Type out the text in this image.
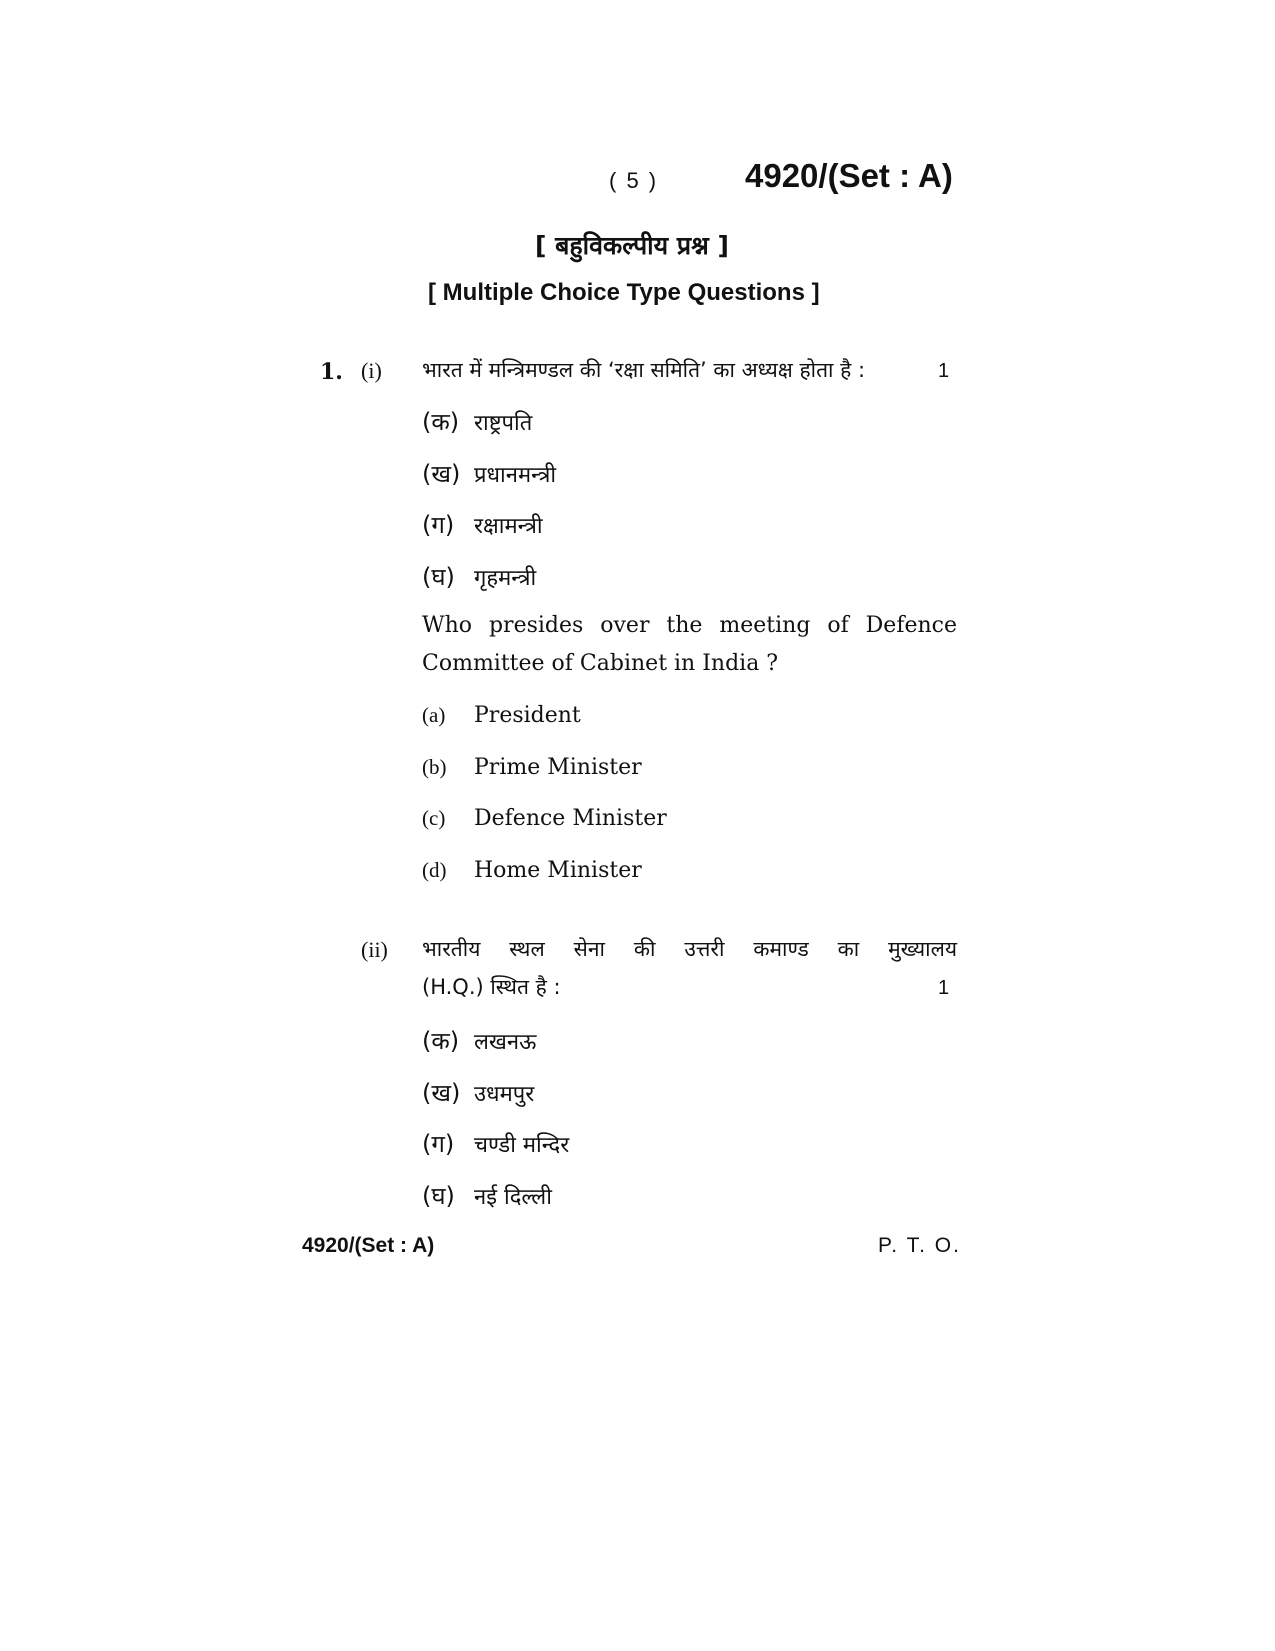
( 5 )	4920/(Set : A)
[ बहुविकल्पीय प्रश्न ]
[ Multiple Choice Type Questions ]
1. (i) भारत में मन्त्रिमण्डल की ‘रक्षा समिति’ का अध्यक्ष होता है :	1
(क) राष्ट्रपति
(ख) प्रधानमन्त्री
(ग) रक्षामन्त्री
(घ) गृहमन्त्री
Who presides over the meeting of Defence
Committee of Cabinet in India ?
(a)	President
(b)	Prime Minister
(c)	Defence Minister
(d)	Home Minister
(ii) भारतीय स्थल सेना की उत्तरी कमाण्ड का मुख्यालय
(H.Q.) स्थित है :	1
(क) लखनऊ
(ख) उधमपुर
(ग) चण्डी मन्दिर
(घ) नई दिल्ली
4920/(Set : A)	P. T. O.
